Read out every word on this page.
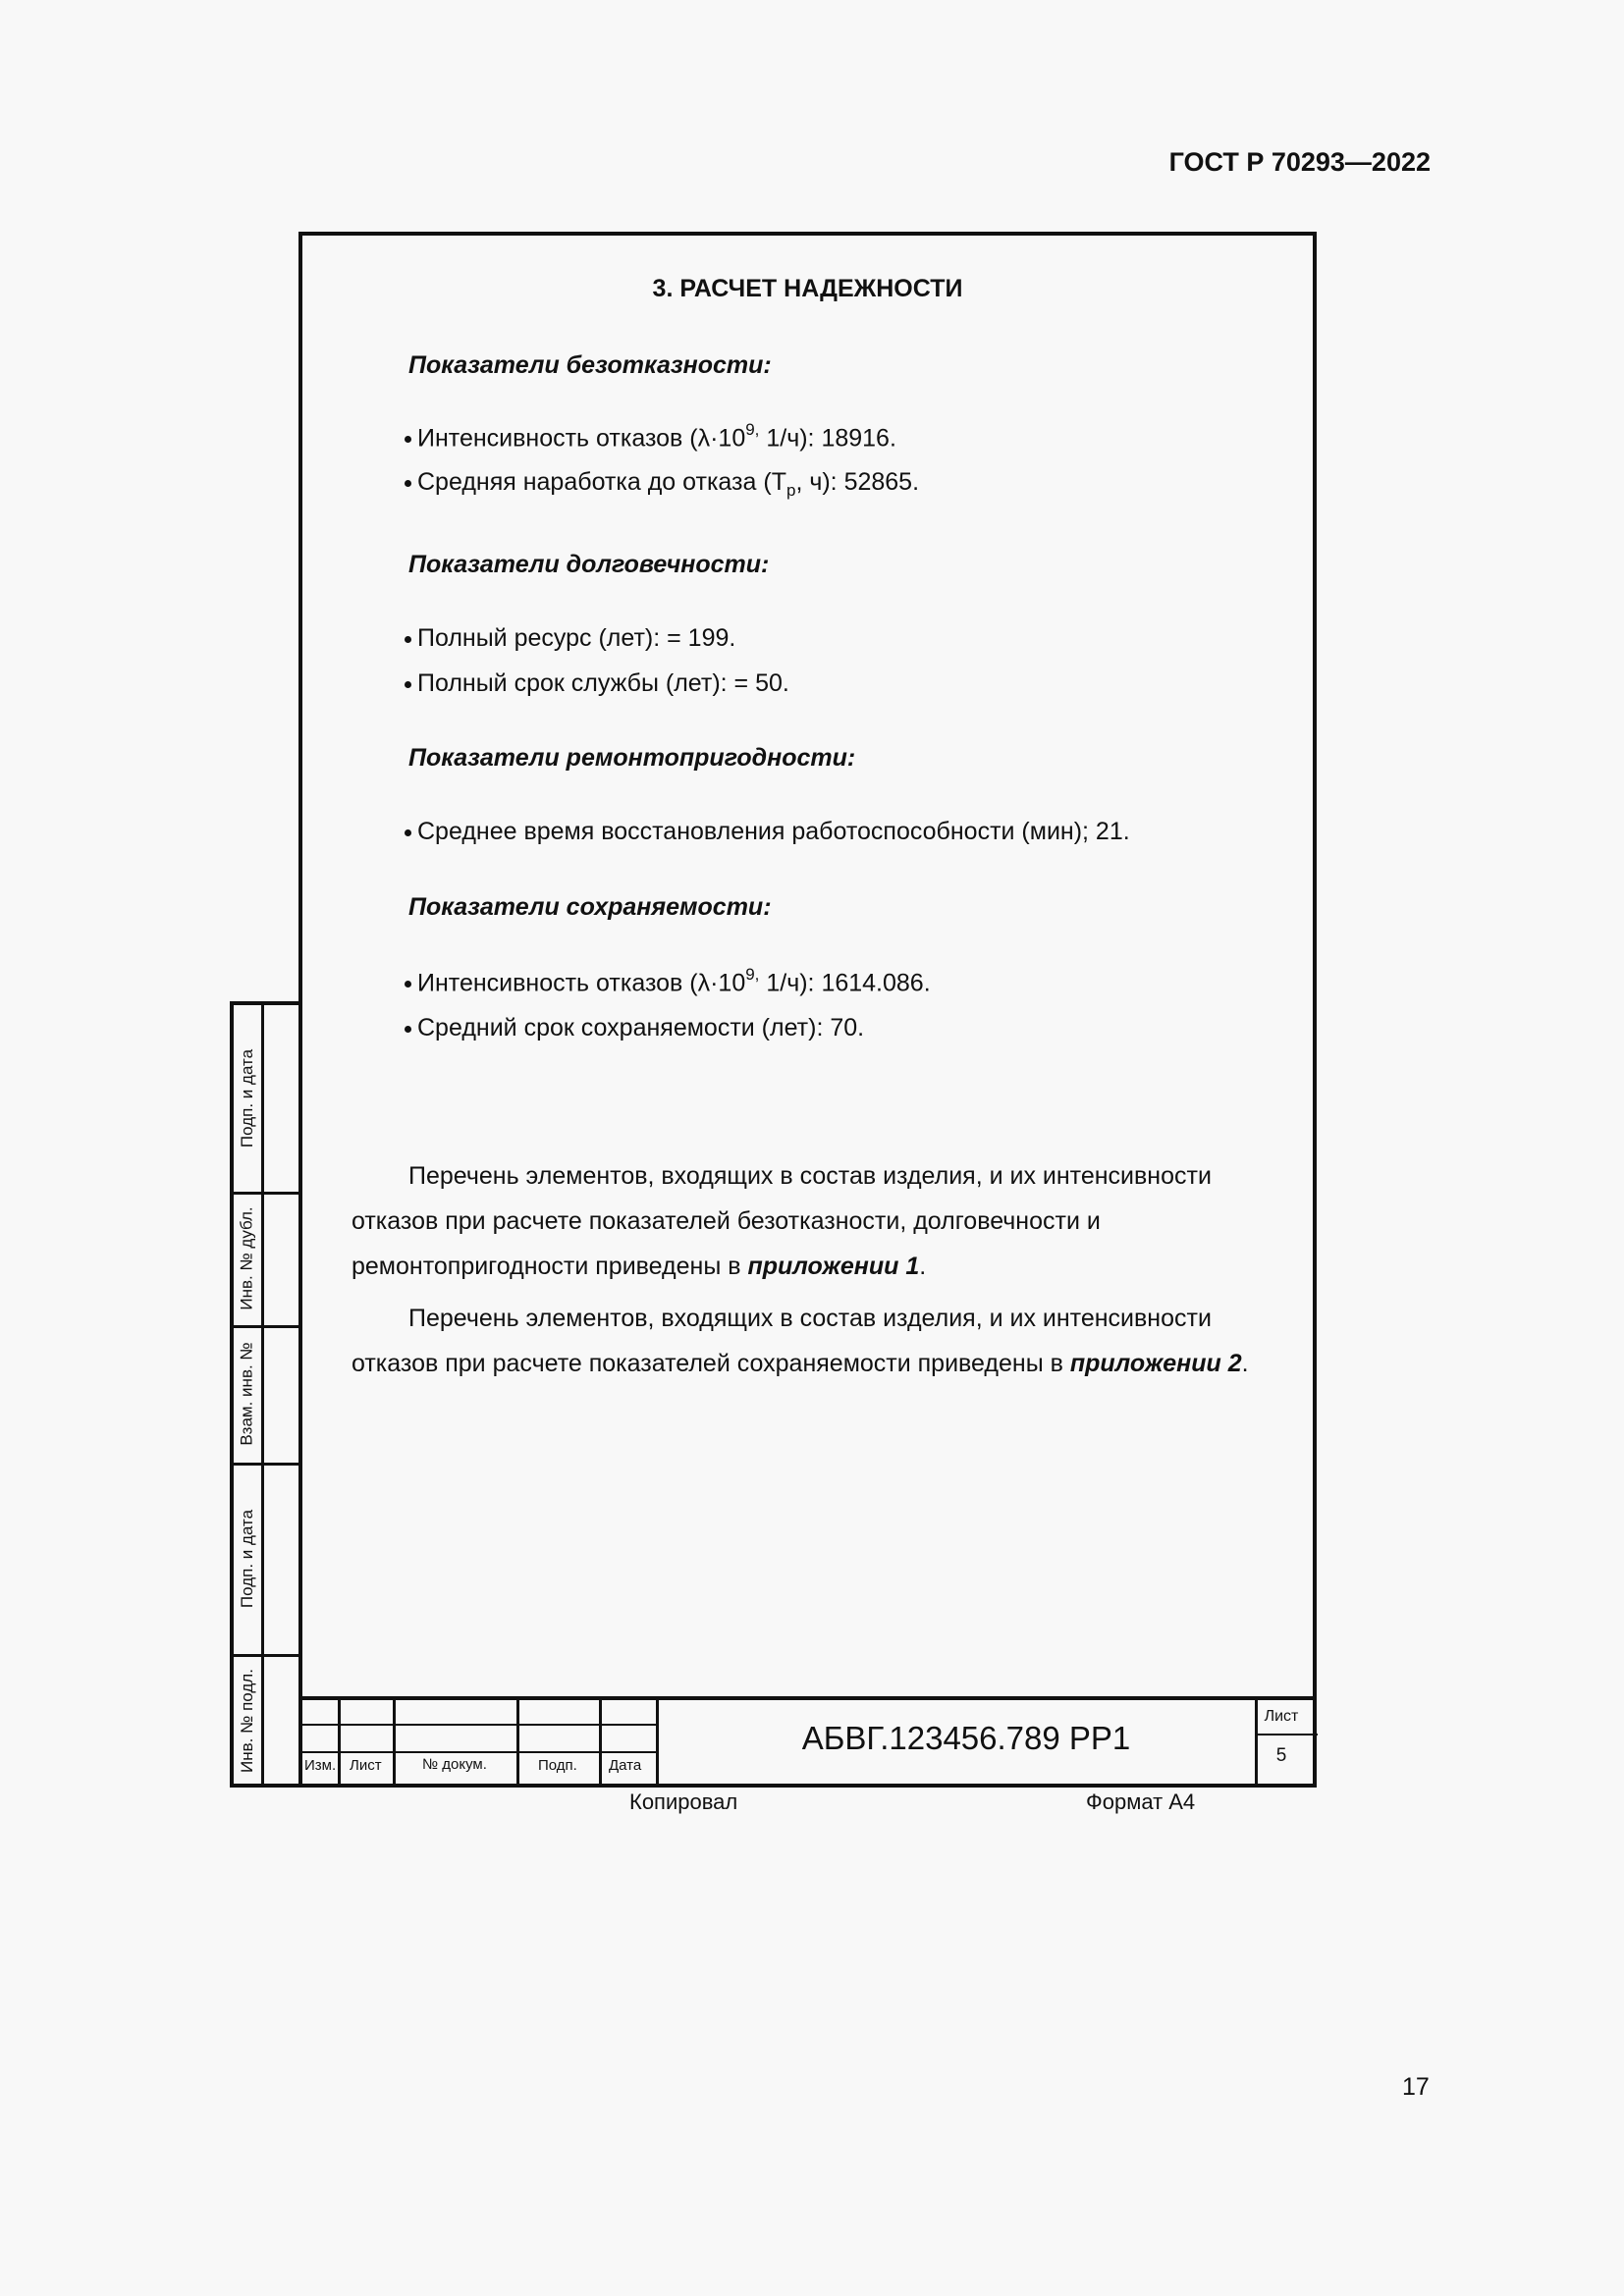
ГОСТ Р 70293—2022
3. РАСЧЕТ НАДЕЖНОСТИ
Показатели безотказности:
Интенсивность отказов ($\lambda\cdot 10^{9,}$ 1/ч): 18916.
Средняя наработка до отказа ($T_р$, ч): 52865.
Показатели долговечности:
Полный ресурс (лет): = 199.
Полный срок службы (лет): = 50.
Показатели ремонтопригодности:
Среднее время восстановления работоспособности (мин); 21.
Показатели сохраняемости:
Интенсивность отказов ($\lambda\cdot 10^{9,}$ 1/ч): 1614.086.
Средний срок сохраняемости (лет): 70.
Перечень элементов, входящих в состав изделия, и их интенсивности отказов при расчете показателей безотказности, долговечности и ремонтопригодности приведены в приложении 1.
Перечень элементов, входящих в состав изделия, и их интенсивности отказов при расчете показателей сохраняемости приведены в приложении 2.
Изм. Лист	№ докум.	Подп. Дата
АБВГ.123456.789 РР1
Лист
5
Подп. и дата
Инв. № дубл.
Взам. инв. №
Подп. и дата
Инв. № подл.
Копировал	Формат А4
17
